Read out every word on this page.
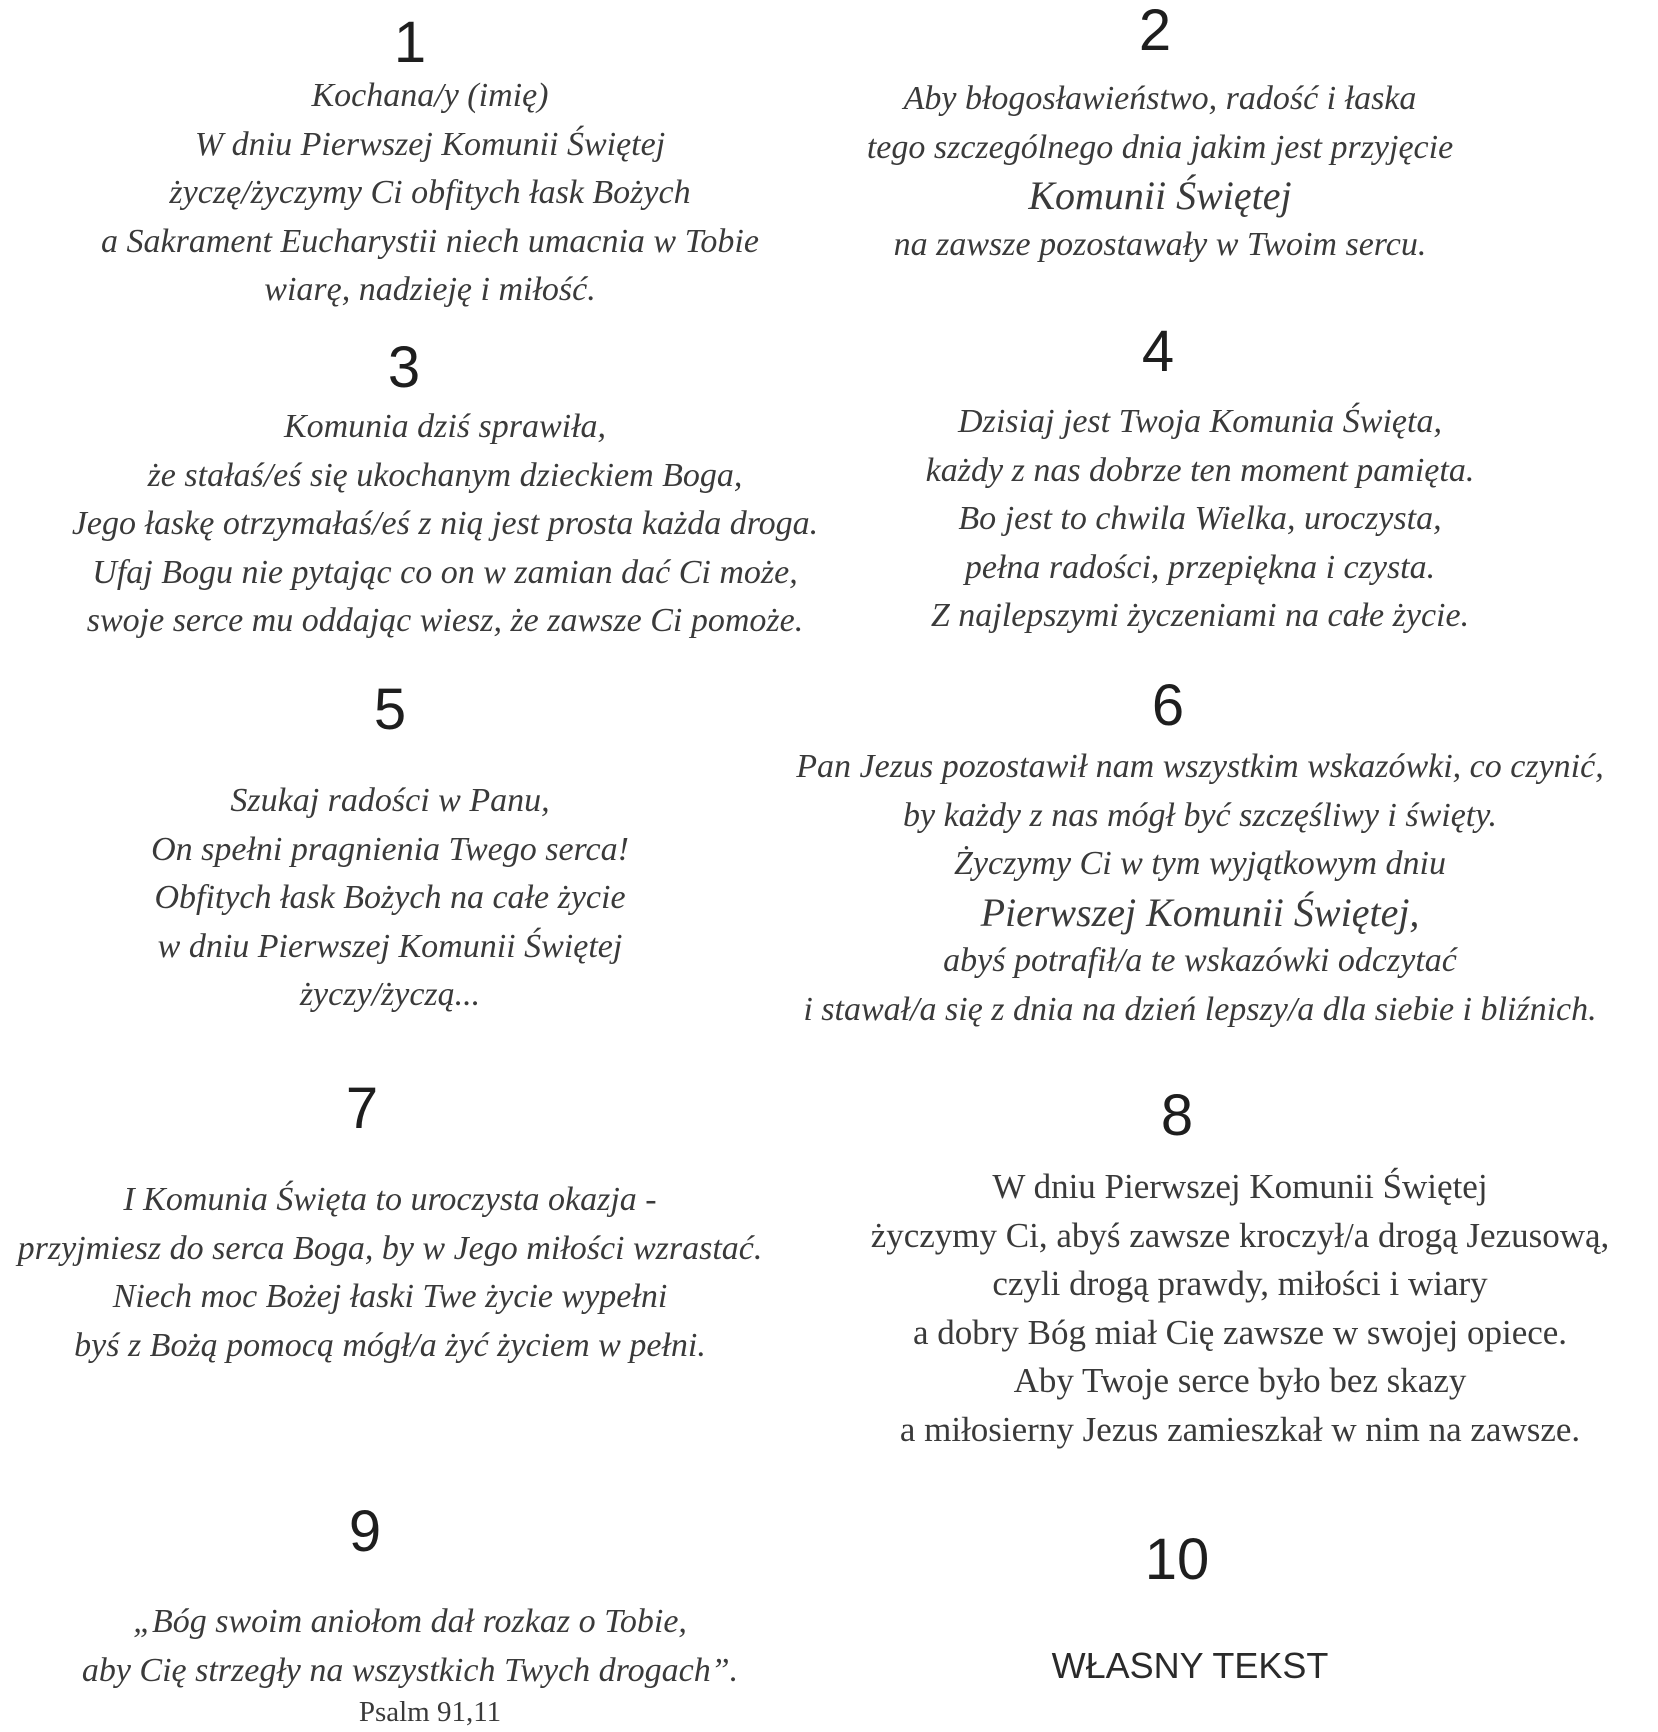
1
Kochana/y (imię)
W dniu Pierwszej Komunii Świętej
życzę/życzymy Ci obfitych łask Bożych
a Sakrament Eucharystii niech umacnia w Tobie
wiarę, nadzieję i miłość.
2
Aby błogosławieństwo, radość i łaska
tego szczególnego dnia jakim jest przyjęcie
Komunii Świętej
na zawsze pozostawały w Twoim sercu.
3
Komunia dziś sprawiła,
że stałaś/eś się ukochanym dzieckiem Boga,
Jego łaskę otrzymałaś/eś z nią jest prosta każda droga.
Ufaj Bogu nie pytając co on w zamian dać Ci może,
swoje serce mu oddając wiesz, że zawsze Ci pomoże.
4
Dzisiaj jest Twoja Komunia Święta,
każdy z nas dobrze ten moment pamięta.
Bo jest to chwila Wielka, uroczysta,
pełna radości, przepiękna i czysta.
Z najlepszymi życzeniami na całe życie.
5
Szukaj radości w Panu,
On spełni pragnienia Twego serca!
Obfitych łask Bożych na całe życie
w dniu Pierwszej Komunii Świętej
życzy/życzą...
6
Pan Jezus pozostawił nam wszystkim wskazówki, co czynić,
by każdy z nas mógł być szczęśliwy i święty.
Życzymy Ci w tym wyjątkowym dniu
Pierwszej Komunii Świętej,
abyś potrafił/a te wskazówki odczytać
i stawał/a się z dnia na dzień lepszy/a dla siebie i bliźnich.
7
I Komunia Święta to uroczysta okazja -
przyjmiesz do serca Boga, by w Jego miłości wzrastać.
Niech moc Bożej łaski Twe życie wypełni
byś z Bożą pomocą mógł/a żyć życiem w pełni.
8
W dniu Pierwszej Komunii Świętej
życzymy Ci, abyś zawsze kroczył/a drogą Jezusową,
czyli drogą prawdy, miłości i wiary
a dobry Bóg miał Cię zawsze w swojej opiece.
Aby Twoje serce było bez skazy
a miłosierny Jezus zamieszkał w nim na zawsze.
9
„Bóg swoim aniołom dał rozkaz o Tobie,
aby Cię strzegły na wszystkich Twych drogach”.
Psalm 91,11
10
WŁASNY TEKST
